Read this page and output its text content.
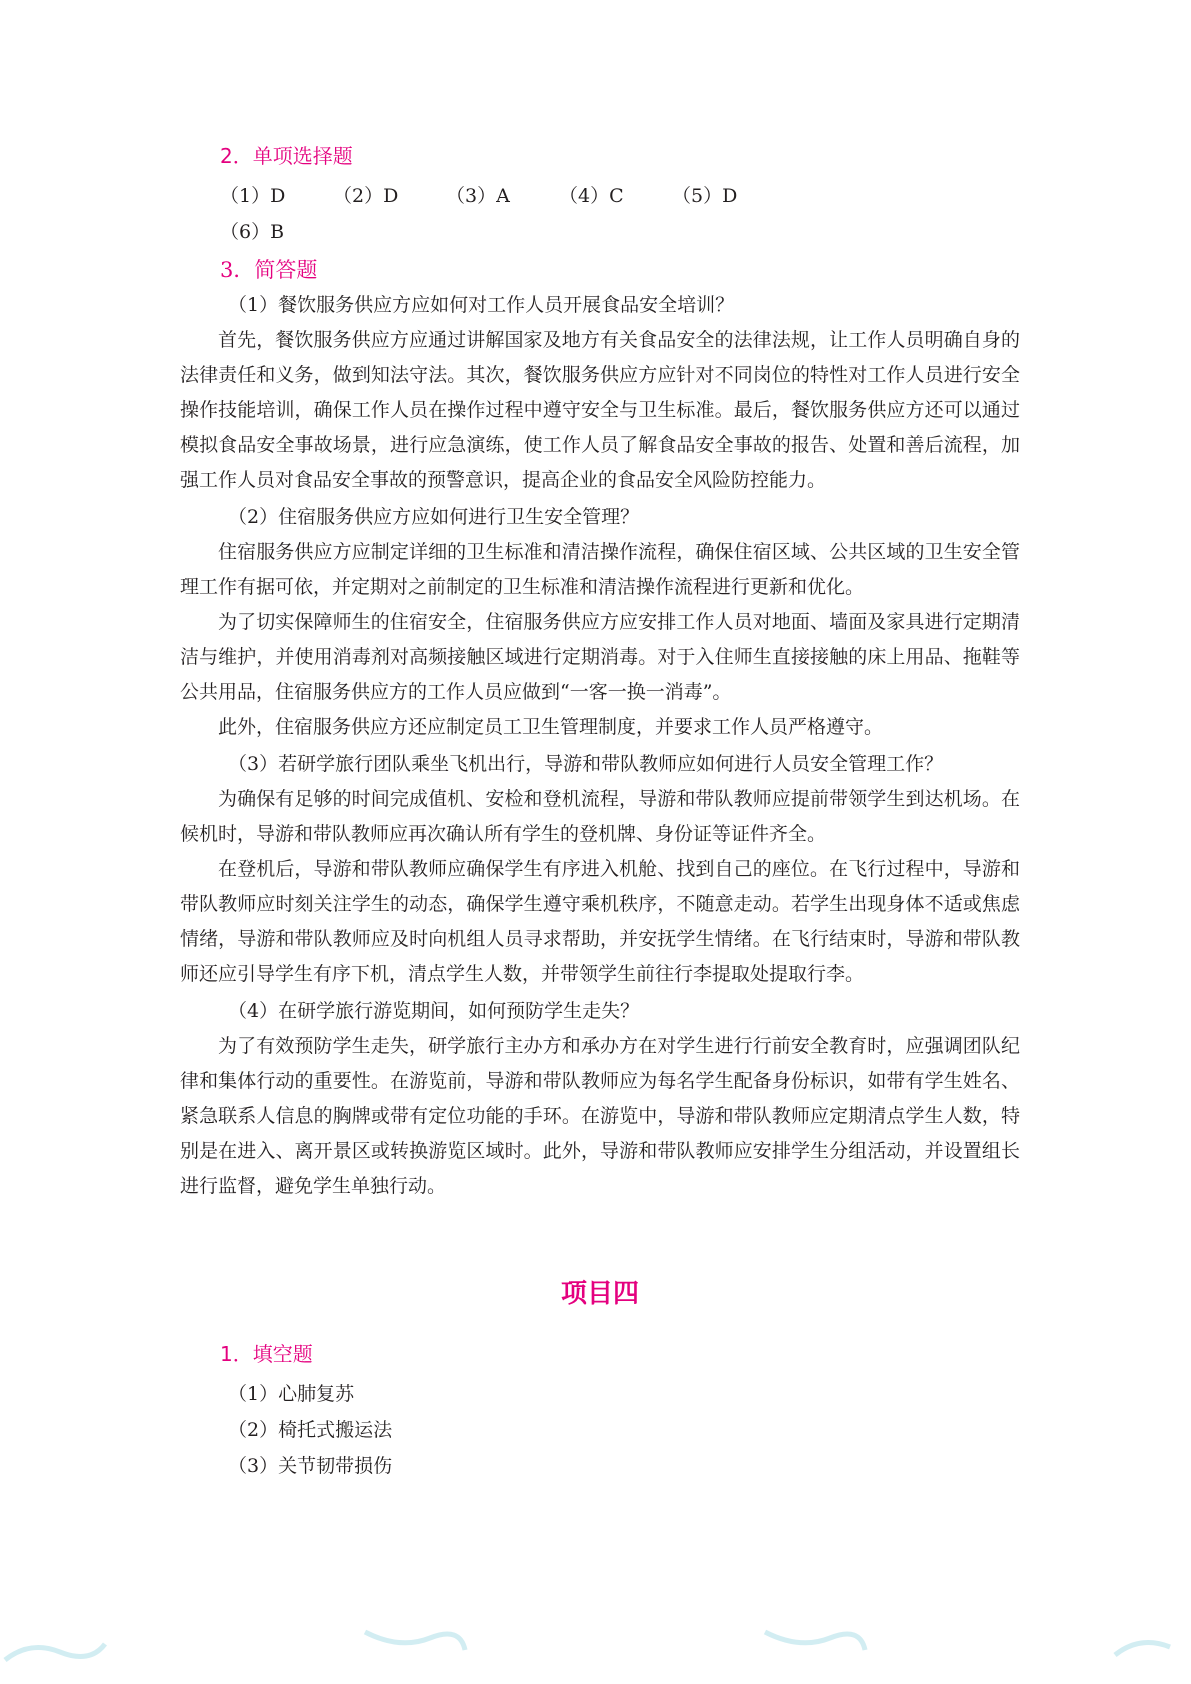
2．单项选择题
（1）D	（2）D	（3）A	（4）C	（5）D
（6）B
3．简答题
（1）餐饮服务供应方应如何对工作人员开展食品安全培训？

首先，餐饮服务供应方应通过讲解国家及地方有关食品安全的法律法规，让工作人员明确自身的法律责任和义务，做到知法守法。其次，餐饮服务供应方应针对不同岗位的特性对工作人员进行安全操作技能培训，确保工作人员在操作过程中遵守安全与卫生标准。最后，餐饮服务供应方还可以通过模拟食品安全事故场景，进行应急演练，使工作人员了解食品安全事故的报告、处置和善后流程，加强工作人员对食品安全事故的预警意识，提高企业的食品安全风险防控能力。

（2）住宿服务供应方应如何进行卫生安全管理？

住宿服务供应方应制定详细的卫生标准和清洁操作流程，确保住宿区域、公共区域的卫生安全管理工作有据可依，并定期对之前制定的卫生标准和清洁操作流程进行更新和优化。

为了切实保障师生的住宿安全，住宿服务供应方应安排工作人员对地面、墙面及家具进行定期清洁与维护，并使用消毒剂对高频接触区域进行定期消毒。对于入住师生直接接触的床上用品、拖鞋等公共用品，住宿服务供应方的工作人员应做到“一客一换一消毒”。

此外，住宿服务供应方还应制定员工卫生管理制度，并要求工作人员严格遵守。

（3）若研学旅行团队乘坐飞机出行，导游和带队教师应如何进行人员安全管理工作？

为确保有足够的时间完成值机、安检和登机流程，导游和带队教师应提前带领学生到达机场。在候机时，导游和带队教师应再次确认所有学生的登机牌、身份证等证件齐全。

在登机后，导游和带队教师应确保学生有序进入机舱、找到自己的座位。在飞行过程中，导游和带队教师应时刻关注学生的动态，确保学生遵守乘机秩序，不随意走动。若学生出现身体不适或焦虑情绪，导游和带队教师应及时向机组人员寻求帮助，并安抚学生情绪。在飞行结束时，导游和带队教师还应引导学生有序下机，清点学生人数，并带领学生前往行李提取处提取行李。

（4）在研学旅行游览期间，如何预防学生走失？

为了有效预防学生走失，研学旅行主办方和承办方在对学生进行行前安全教育时，应强调团队纪律和集体行动的重要性。在游览前，导游和带队教师应为每名学生配备身份标识，如带有学生姓名、紧急联系人信息的胸牌或带有定位功能的手环。在游览中，导游和带队教师应定期清点学生人数，特别是在进入、离开景区或转换游览区域时。此外，导游和带队教师应安排学生分组活动，并设置组长进行监督，避免学生单独行动。

项目四
1．填空题
（1）心肺复苏
（2）椅托式搬运法
（3）关节韧带损伤
